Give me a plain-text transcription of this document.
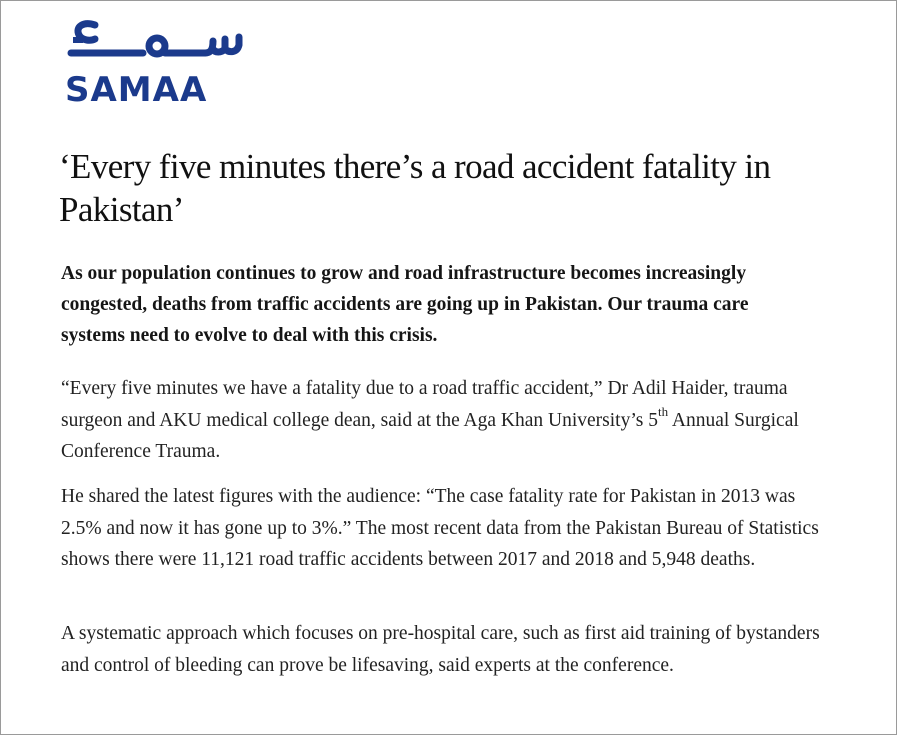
SAMAA
‘Every five minutes there’s a road accident fatality in Pakistan’

As our population continues to grow and road infrastructure becomes increasingly congested, deaths from traffic accidents are going up in Pakistan. Our trauma care systems need to evolve to deal with this crisis.

“Every five minutes we have a fatality due to a road traffic accident,” Dr Adil Haider, trauma surgeon and AKU medical college dean, said at the Aga Khan University’s 5th Annual Surgical Conference Trauma.

He shared the latest figures with the audience: “The case fatality rate for Pakistan in 2013 was 2.5% and now it has gone up to 3%.” The most recent data from the Pakistan Bureau of Statistics shows there were 11,121 road traffic accidents between 2017 and 2018 and 5,948 deaths.

A systematic approach which focuses on pre-hospital care, such as first aid training of bystanders and control of bleeding can prove be lifesaving, said experts at the conference.
